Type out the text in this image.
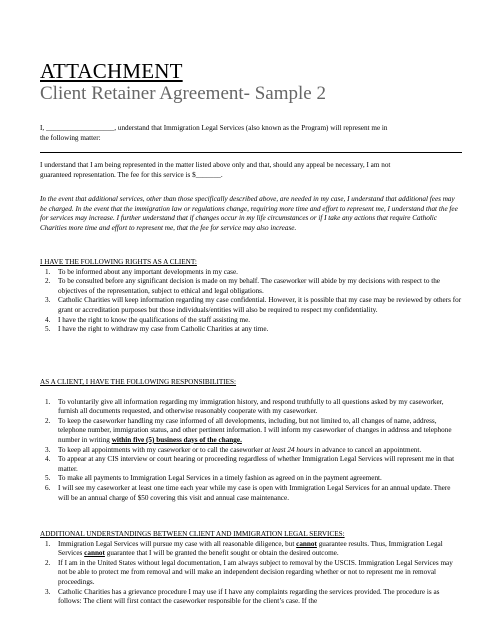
ATTACHMENT
Client Retainer Agreement- Sample 2
I, ___________________, understand that Immigration Legal Services (also known as the Program) will represent me in
the following matter:
I understand that I am being represented in the matter listed above only and that, should any appeal be necessary, I am not
guaranteed representation. The fee for this service is $_______.
In the event that additional services, other than those specifically described above, are needed in my case, I understand that additional fees may be charged. In the event that the immigration law or regulations change, requiring more time and effort to represent me, I understand that the fee for services may increase. I further understand that if changes occur in my life circumstances or if I take any actions that require Catholic Charities more time and effort to represent me, that the fee for service may also increase.
I HAVE THE FOLLOWING RIGHTS AS A CLIENT:
1. To be informed about any important developments in my case.
2. To be consulted before any significant decision is made on my behalf. The caseworker will abide by my decisions with respect to the objectives of the representation, subject to ethical and legal obligations.
3. Catholic Charities will keep information regarding my case confidential. However, it is possible that my case may be reviewed by others for grant or accreditation purposes but those individuals/entities will also be required to respect my confidentiality.
4. I have the right to know the qualifications of the staff assisting me.
5. I have the right to withdraw my case from Catholic Charities at any time.
AS A CLIENT, I HAVE THE FOLLOWING RESPONSIBILITIES:
1. To voluntarily give all information regarding my immigration history, and respond truthfully to all questions asked by my caseworker, furnish all documents requested, and otherwise reasonably cooperate with my caseworker.
2. To keep the caseworker handling my case informed of all developments, including, but not limited to, all changes of name, address, telephone number, immigration status, and other pertinent information. I will inform my caseworker of changes in address and telephone number in writing within five (5) business days of the change.
3. To keep all appointments with my caseworker or to call the caseworker at least 24 hours in advance to cancel an appointment.
4. To appear at any CIS interview or court hearing or proceeding regardless of whether Immigration Legal Services will represent me in that matter.
5. To make all payments to Immigration Legal Services in a timely fashion as agreed on in the payment agreement.
6. I will see my caseworker at least one time each year while my case is open with Immigration Legal Services for an annual update. There will be an annual charge of $50 covering this visit and annual case maintenance.
ADDITIONAL UNDERSTANDINGS BETWEEN CLIENT AND IMMIGRATION LEGAL SERVICES:
1. Immigration Legal Services will pursue my case with all reasonable diligence, but cannot guarantee results. Thus, Immigration Legal Services cannot guarantee that I will be granted the benefit sought or obtain the desired outcome.
2. If I am in the United States without legal documentation, I am always subject to removal by the USCIS. Immigration Legal Services may not be able to protect me from removal and will make an independent decision regarding whether or not to represent me in removal proceedings.
3. Catholic Charities has a grievance procedure I may use if I have any complaints regarding the services provided. The procedure is as follows: The client will first contact the caseworker responsible for the client’s case. If the
